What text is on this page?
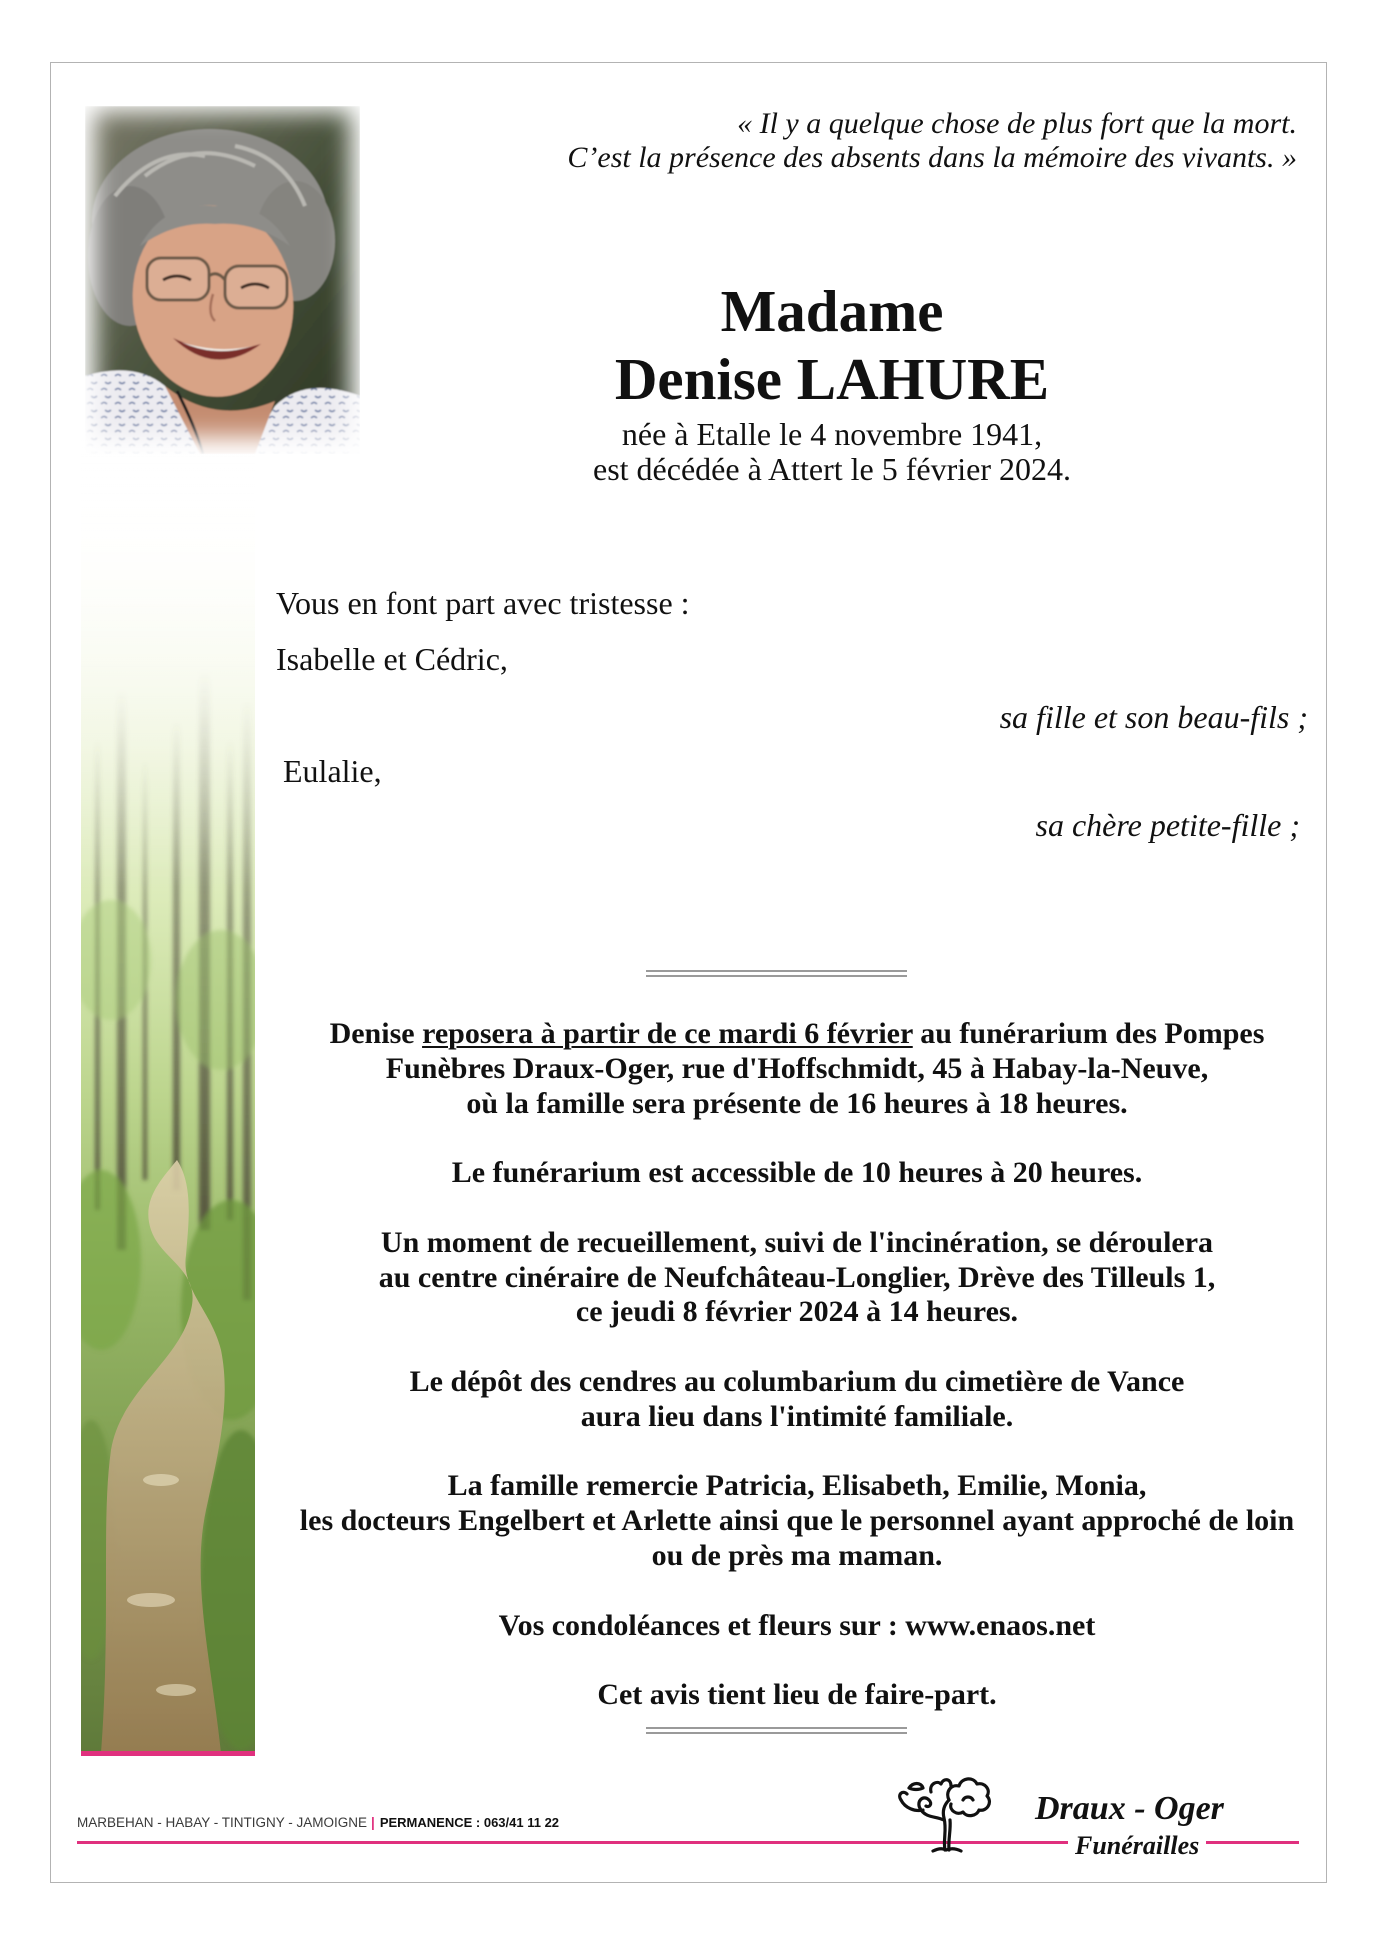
« Il y a quelque chose de plus fort que la mort.
C’est la présence des absents dans la mémoire des vivants. »
Madame
Denise LAHURE
née à Etalle le 4 novembre 1941,
est décédée à Attert le 5 février 2024.
Vous en font part avec tristesse :
Isabelle et Cédric,
sa fille et son beau-fils ;
Eulalie,
sa chère petite-fille ;
Denise reposera à partir de ce mardi 6 février au funérarium des Pompes
Funèbres Draux-Oger, rue d'Hoffschmidt, 45 à Habay-la-Neuve,
où la famille sera présente de 16 heures à 18 heures.
Le funérarium est accessible de 10 heures à 20 heures.
Un moment de recueillement, suivi de l'incinération, se déroulera
au centre cinéraire de Neufchâteau-Longlier, Drève des Tilleuls 1,
ce jeudi 8 février 2024 à 14 heures.
Le dépôt des cendres au columbarium du cimetière de Vance
aura lieu dans l'intimité familiale.
La famille remercie Patricia, Elisabeth, Emilie, Monia,
les docteurs Engelbert et Arlette ainsi que le personnel ayant approché de loin
ou de près ma maman.
Vos condoléances et fleurs sur : www.enaos.net
Cet avis tient lieu de faire-part.
MARBEHAN - HABAY - TINTIGNY - JAMOIGNE | PERMANENCE : 063/41 11 22	Draux - Oger
Funérailles
